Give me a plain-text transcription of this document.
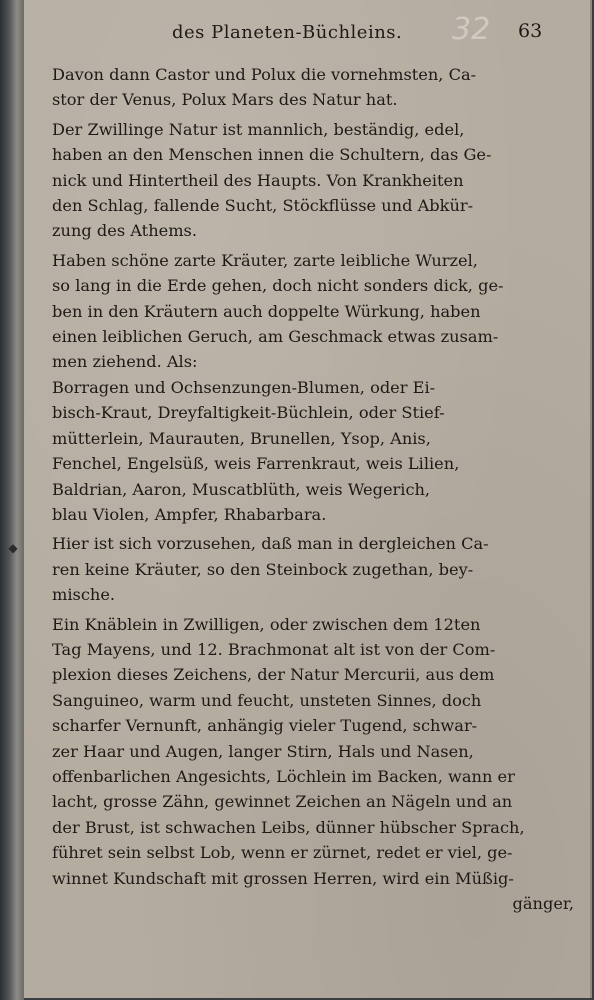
◆
des Planeten-Büchleins. 32 63
Davon dann Castor und Polux die vornehmsten, Ca-
stor der Venus, Polux Mars des Natur hat.
Der Zwillinge Natur ist mannlich, beständig, edel,
haben an den Menschen innen die Schultern, das Ge-
nick und Hintertheil des Haupts. Von Krankheiten
den Schlag, fallende Sucht, Stöckflüsse und Abkür-
zung des Athems.
Haben schöne zarte Kräuter, zarte leibliche Wurzel,
so lang in die Erde gehen, doch nicht sonders dick, ge-
ben in den Kräutern auch doppelte Würkung, haben
einen leiblichen Geruch, am Geschmack etwas zusam-
men ziehend. Als:
Borragen und Ochsenzungen-Blumen, oder Ei-
bisch-Kraut, Dreyfaltigkeit-Büchlein, oder Stief-
mütterlein, Maurauten, Brunellen, Ysop, Anis,
Fenchel, Engelsüß, weis Farrenkraut, weis Lilien,
Baldrian, Aaron, Muscatblüth, weis Wegerich,
blau Violen, Ampfer, Rhabarbara.
Hier ist sich vorzusehen, daß man in dergleichen Ca-
ren keine Kräuter, so den Steinbock zugethan, bey-
mische.
Ein Knäblein in Zwilligen, oder zwischen dem 12ten
Tag Mayens, und 12. Brachmonat alt ist von der Com-
plexion dieses Zeichens, der Natur Mercurii, aus dem
Sanguineo, warm und feucht, unsteten Sinnes, doch
scharfer Vernunft, anhängig vieler Tugend, schwar-
zer Haar und Augen, langer Stirn, Hals und Nasen,
offenbarlichen Angesichts, Löchlein im Backen, wann er
lacht, grosse Zähn, gewinnet Zeichen an Nägeln und an
der Brust, ist schwachen Leibs, dünner hübscher Sprach,
führet sein selbst Lob, wenn er zürnet, redet er viel, ge-
winnet Kundschaft mit grossen Herren, wird ein Müßig-
gänger,
